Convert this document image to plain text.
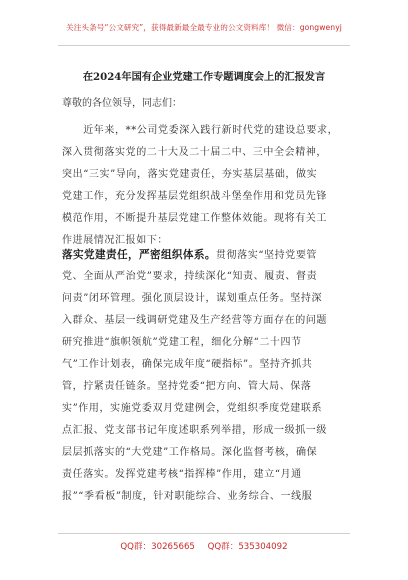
关注头条号“公文研究”，获得最新最全最专业的公文资料库！ 微信：gongwenyj
在2024年国有企业党建工作专题调度会上的汇报发言
尊敬的各位领导，同志们：
　　近年来，**公司党委深入践行新时代党的建设总要求，
深入贯彻落实党的二十大及二十届二中、三中全会精神，
突出“三实”导向，落实党建责任，夯实基层基础，做实
党建工作，充分发挥基层党组织战斗堡垒作用和党员先锋
模范作用，不断提升基层党建工作整体效能。现将有关工
作进展情况汇报如下：
落实党建责任，严密组织体系。贯彻落实“坚持党要管
党、全面从严治党”要求，持续深化“知责、履责、督责
问责”闭环管理。强化顶层设计，谋划重点任务。坚持深
入群众、基层一线调研党建及生产经营等方面存在的问题
研究推进“旗帜领航”党建工程，细化分解“二十四节
气”工作计划表，确保完成年度“硬指标”。坚持齐抓共
管，拧紧责任链条。坚持党委“把方向、管大局、保落
实”作用，实施党委双月党建例会，党组织季度党建联系
点汇报、党支部书记年度述职系列举措，形成一级抓一级
层层抓落实的“大党建”工作格局。深化监督考核，确保
责任落实。发挥党建考核“指挥棒”作用，建立“月通
报”“季看板”制度，针对职能综合、业务综合、一线服
QQ群：30265665 QQ群：535304092
